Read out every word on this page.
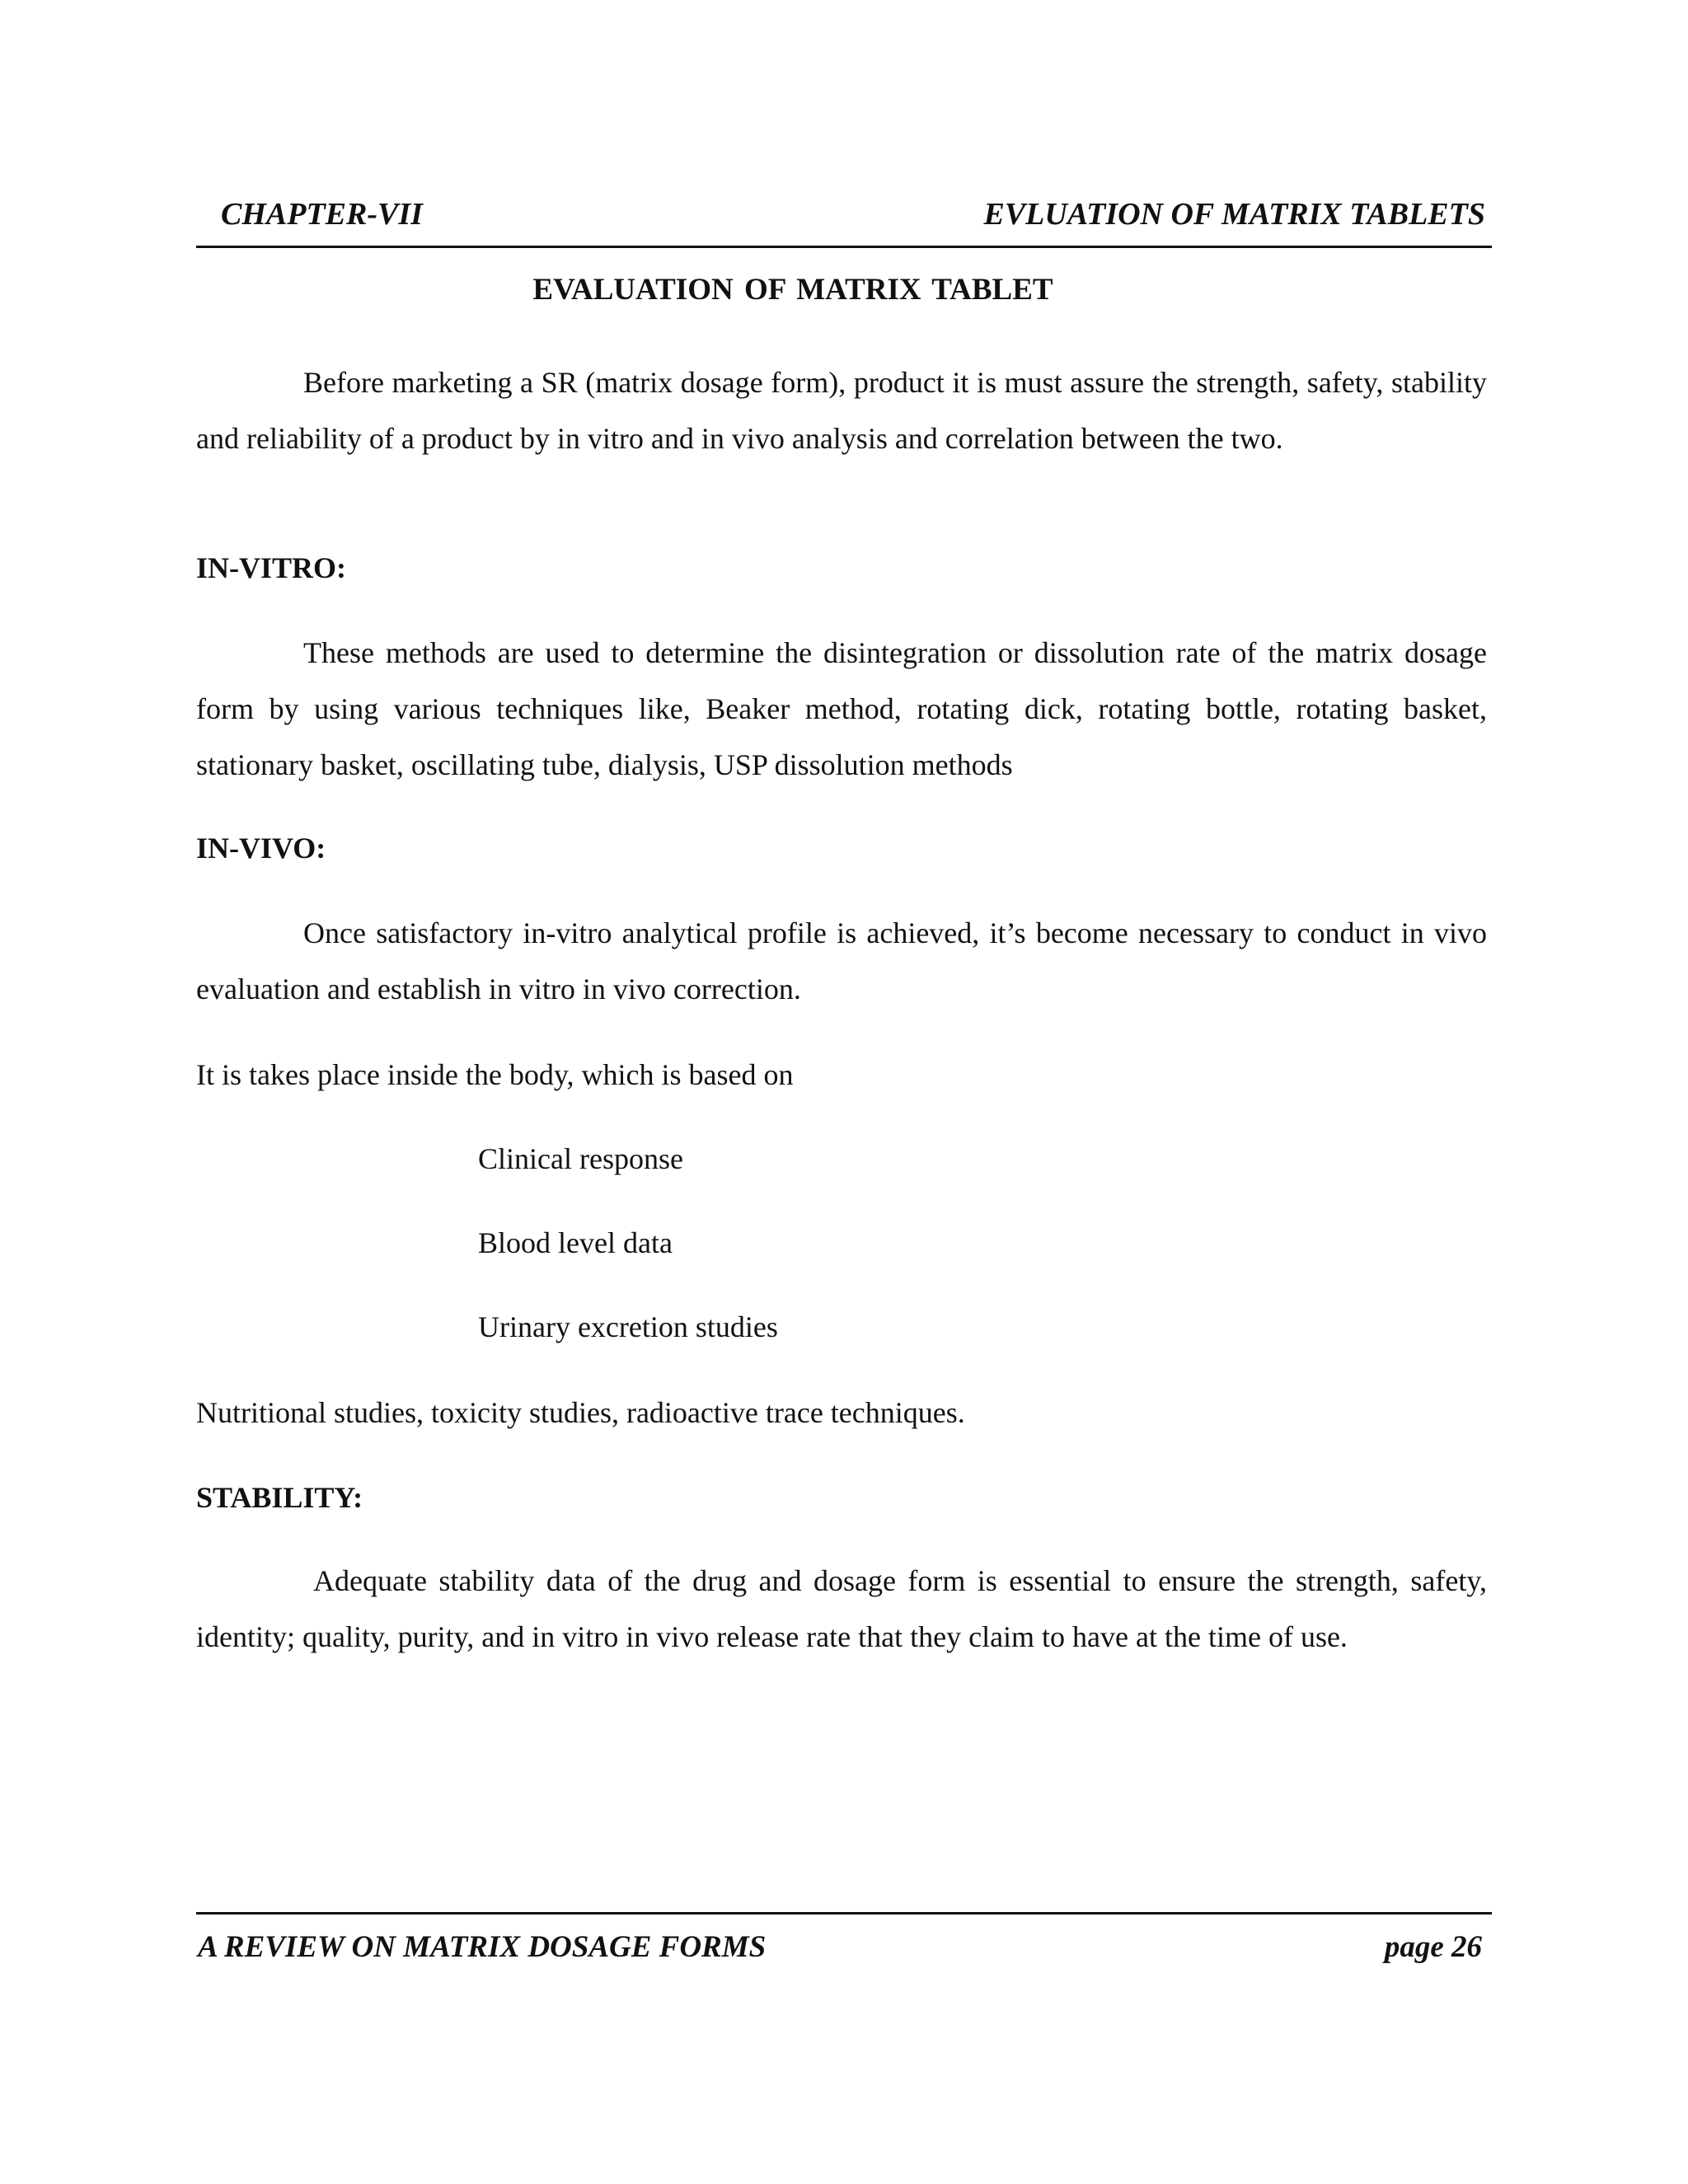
CHAPTER-VII	EVLUATION OF MATRIX TABLETS
EVALUATION OF MATRIX TABLET

Before marketing a SR (matrix dosage form), product it is must assure the strength, safety, stability and reliability of a product by in vitro and in vivo analysis and correlation between the two.

IN-VITRO:

These methods are used to determine the disintegration or dissolution rate of the matrix dosage form by using various techniques like, Beaker method, rotating dick, rotating bottle, rotating basket, stationary basket, oscillating tube, dialysis, USP dissolution methods

IN-VIVO:

Once satisfactory in-vitro analytical profile is achieved, it’s become necessary to conduct in vivo evaluation and establish in vitro in vivo correction.

It is takes place inside the body, which is based on

Clinical response

Blood level data

Urinary excretion studies

Nutritional studies, toxicity studies, radioactive trace techniques.

STABILITY:

Adequate stability data of the drug and dosage form is essential to ensure the strength, safety, identity; quality, purity, and in vitro in vivo release rate that they claim to have at the time of use.

A REVIEW ON MATRIX DOSAGE FORMS	page 26
